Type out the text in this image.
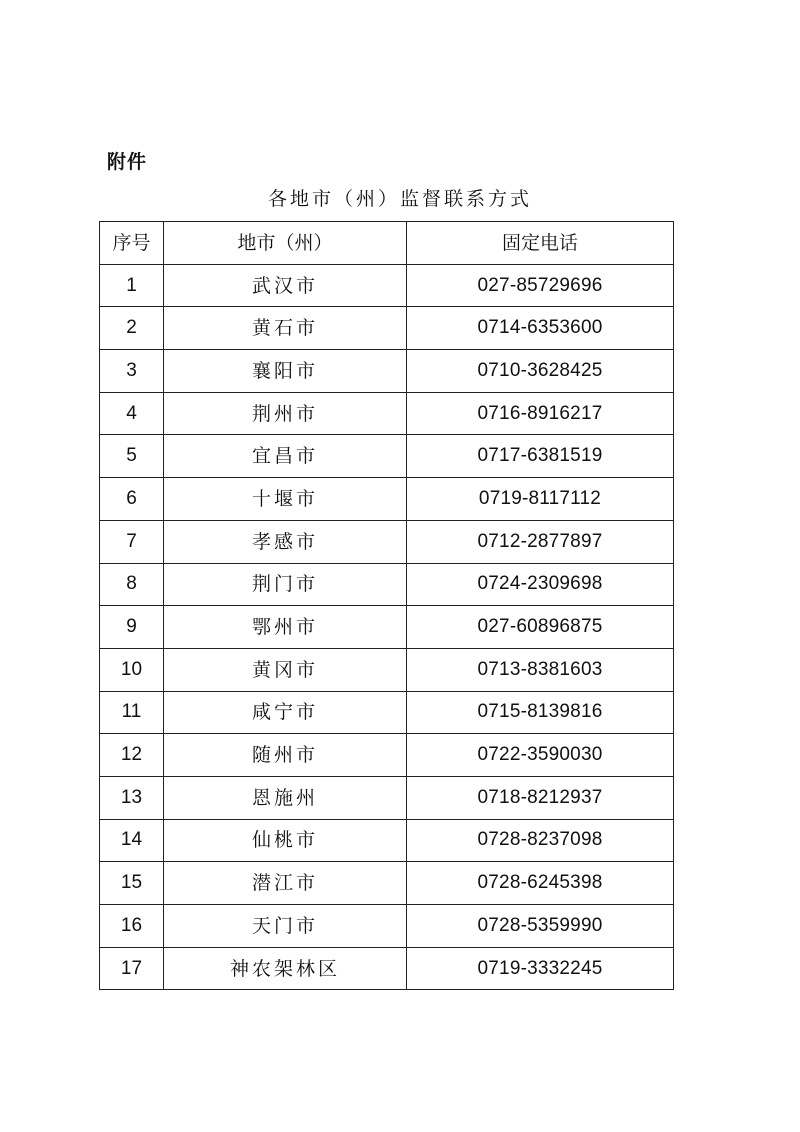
附件
各地市（州）监督联系方式
序号	地市（州）	固定电话
1	武汉市	027-85729696
2	黄石市	0714-6353600
3	襄阳市	0710-3628425
4	荆州市	0716-8916217
5	宜昌市	0717-6381519
6	十堰市	0719-8117112
7	孝感市	0712-2877897
8	荆门市	0724-2309698
9	鄂州市	027-60896875
10	黄冈市	0713-8381603
11	咸宁市	0715-8139816
12	随州市	0722-3590030
13	恩施州	0718-8212937
14	仙桃市	0728-8237098
15	潜江市	0728-6245398
16	天门市	0728-5359990
17	神农架林区	0719-3332245
